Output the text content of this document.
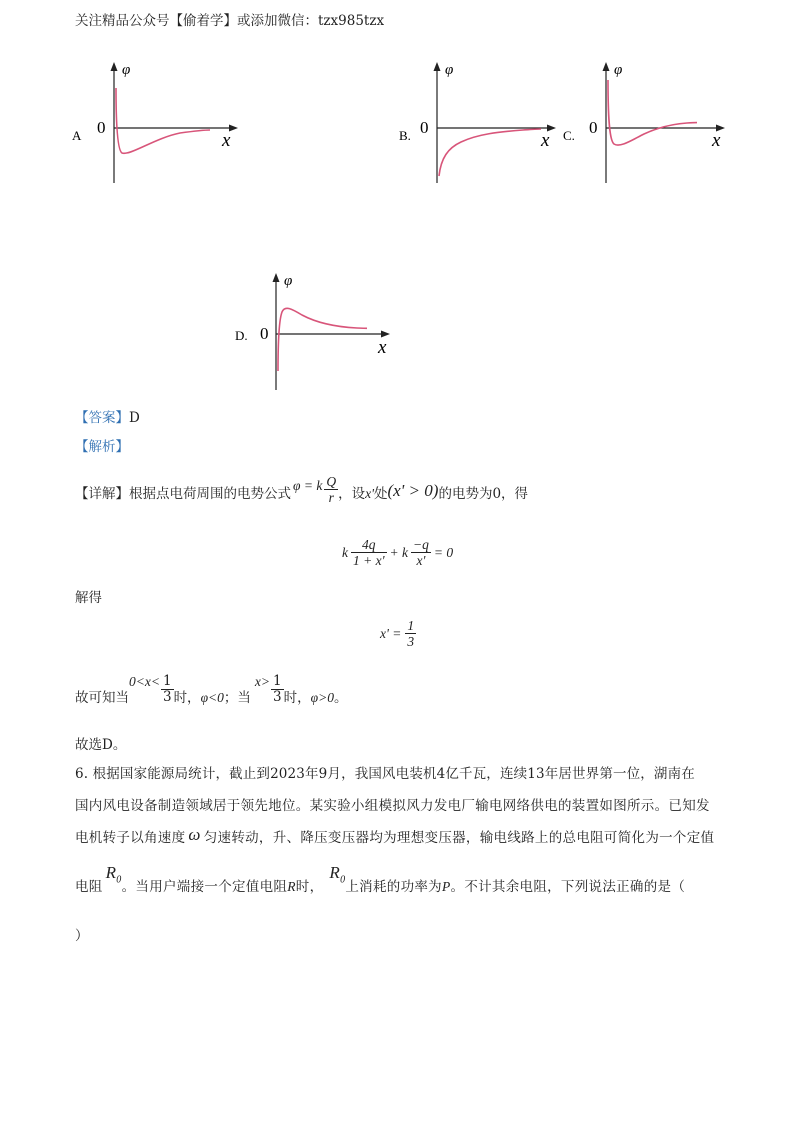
关注精品公众号【偷着学】或添加微信：tzx985tzx
φ
0
x
A
φ
0
x
B.
φ
0
x
C.
φ
0
x
D.
【答案】D
【解析】
【详解】 根据点电荷周围的电势公式
φ = k $\frac{Q}{r}$ ，设 x' 处 (x' > 0) 的电势为0，得
k $\frac{4q}{1 + x'} + k \frac{-q}{x'} = 0$
解得
$x' = \frac{1}{3}$
故可知当
$0<x< \frac{1}{3}$ 时， φ<0 ；当
$x> \frac{1}{3}$ 时， φ>0 。
故选D。
6. 根据国家能源局统计，截止到2023年9月，我国风电装机4亿千瓦，连续13年居世界第一位，湖南在
国内风电设备制造领域居于领先地位。某实验小组模拟风力发电厂输电网络供电的装置如图所示。已知发
电机转子以角速度 ω 匀速转动，升、降压变压器均为理想变压器，输电线路上的总电阻可简化为一个定值
电阻
$R_0$ 。当用户端接一个定值电阻 R 时，
$R_0$ 上消耗的功率为 P 。不计其余电阻，下列说法正确的是（
）
